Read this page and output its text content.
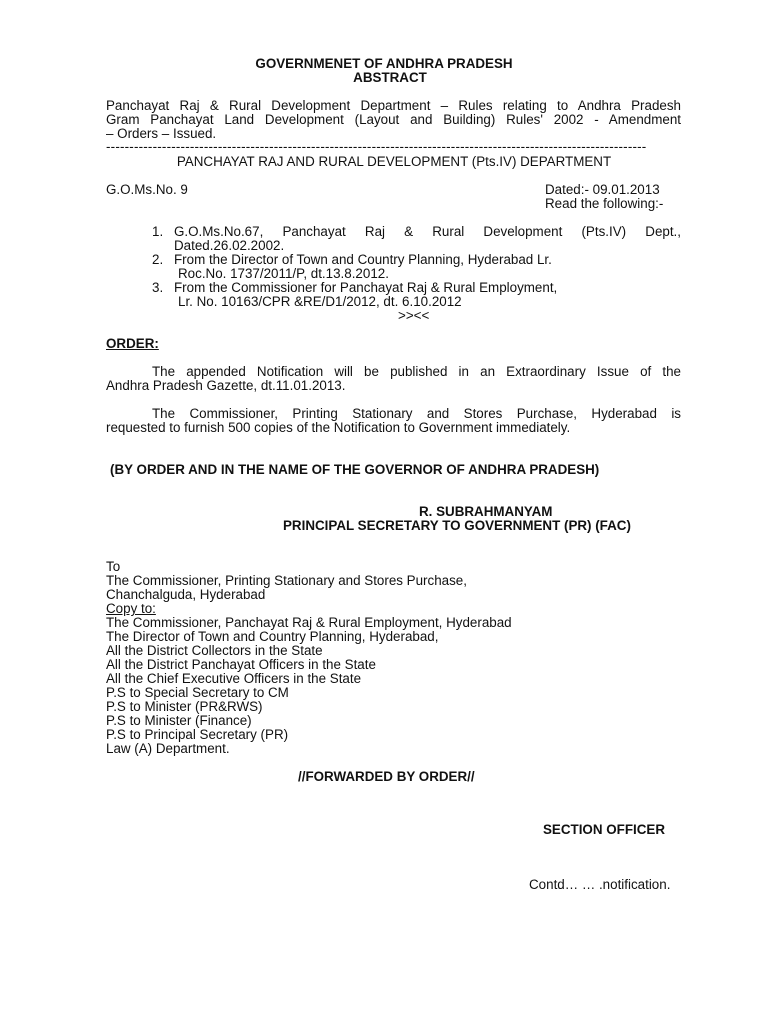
GOVERNMENET OF ANDHRA PRADESH
ABSTRACT
Panchayat Raj & Rural Development Department – Rules relating to Andhra Pradesh
Gram Panchayat Land Development (Layout and Building) Rules' 2002 - Amendment
– Orders – Issued.
--------------------------------------------------------------------------------------------------------------------
PANCHAYAT RAJ AND RURAL DEVELOPMENT (Pts.IV) DEPARTMENT
G.O.Ms.No. 9	Dated:- 09.01.2013
Read the following:-
1. G.O.Ms.No.67, Panchayat Raj & Rural Development (Pts.IV) Dept.,
Dated.26.02.2002.
2. From the Director of Town and Country Planning, Hyderabad Lr.
Roc.No. 1737/2011/P, dt.13.8.2012.
3. From the Commissioner for Panchayat Raj & Rural Employment,
Lr. No. 10163/CPR &RE/D1/2012, dt. 6.10.2012
>><<
ORDER:
The appended Notification will be published in an Extraordinary Issue of the
Andhra Pradesh Gazette, dt.11.01.2013.
The Commissioner, Printing Stationary and Stores Purchase, Hyderabad is
requested to furnish 500 copies of the Notification to Government immediately.
(BY ORDER AND IN THE NAME OF THE GOVERNOR OF ANDHRA PRADESH)
R. SUBRAHMANYAM
PRINCIPAL SECRETARY TO GOVERNMENT (PR) (FAC)
To
The Commissioner, Printing Stationary and Stores Purchase,
Chanchalguda, Hyderabad
Copy to:
The Commissioner, Panchayat Raj & Rural Employment, Hyderabad
The Director of Town and Country Planning, Hyderabad,
All the District Collectors in the State
All the District Panchayat Officers in the State
All the Chief Executive Officers in the State
P.S to Special Secretary to CM
P.S to Minister (PR&RWS)
P.S to Minister (Finance)
P.S to Principal Secretary (PR)
Law (A) Department.
//FORWARDED BY ORDER//
SECTION OFFICER
Contd… … .notification.
